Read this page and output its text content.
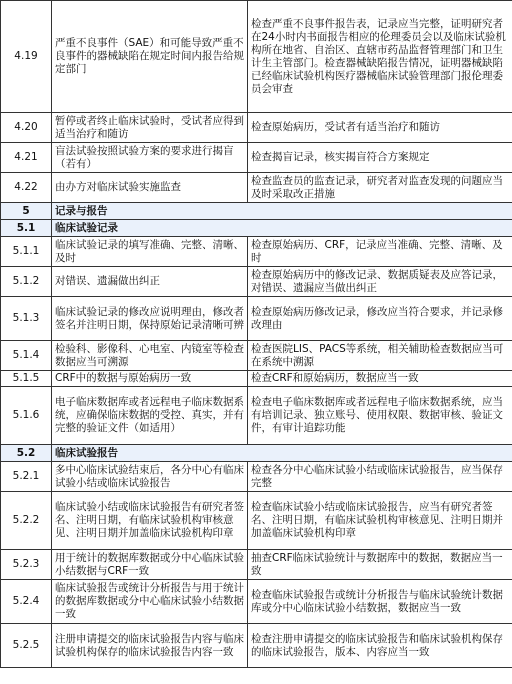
4.19	严重不良事件（SAE）和可能导致严重不良事件的器械缺陷在规定时间内报告给规定部门	检查严重不良事件报告表，记录应当完整，证明研究者在24小时内书面报告相应的伦理委员会以及临床试验机构所在地省、自治区、直辖市药品监督管理部门和卫生计生主管部门。检查器械缺陷报告情况，证明器械缺陷已经临床试验机构医疗器械临床试验管理部门报伦理委员会审查
4.20	暂停或者终止临床试验时，受试者应得到适当治疗和随访	检查原始病历，受试者有适当治疗和随访
4.21	盲法试验按照试验方案的要求进行揭盲（若有）	检查揭盲记录，核实揭盲符合方案规定
4.22	由办方对临床试验实施监查	检查监查员的监查记录，研究者对监查发现的问题应当及时采取改正措施
5	记录与报告	
5.1	临床试验记录	
5.1.1	临床试验记录的填写准确、完整、清晰、及时	检查原始病历、CRF，记录应当准确、完整、清晰、及时
5.1.2	对错误、遗漏做出纠正	检查原始病历中的修改记录、数据质疑表及应答记录，对错误、遗漏应当做出纠正
5.1.3	临床试验记录的修改应说明理由，修改者签名并注明日期，保持原始记录清晰可辨	检查原始病历修改记录，修改应当符合要求，并记录修改理由
5.1.4	检验科、影像科、心电室、内镜室等检查数据应当可溯源	检查医院LIS、PACS等系统，相关辅助检查数据应当可在系统中溯源
5.1.5	CRF中的数据与原始病历一致	检查CRF和原始病历，数据应当一致
5.1.6	电子临床数据库或者远程电子临床数据系统，应确保临床数据的受控、真实，并有完整的验证文件（如适用）	检查电子临床数据库或者远程电子临床数据系统，应当有培训记录、独立账号、使用权限、数据审核、验证文件，有审计追踪功能
5.2	临床试验报告	
5.2.1	多中心临床试验结束后，各分中心有临床试验小结或临床试验报告	检查各分中心临床试验小结或临床试验报告，应当保存完整
5.2.2	临床试验小结或临床试验报告有研究者签名、注明日期，有临床试验机构审核意见、注明日期并加盖临床试验机构印章	检查临床试验小结或临床试验报告，应当有研究者签名、注明日期，有临床试验机构审核意见、注明日期并加盖临床试验机构印章
5.2.3	用于统计的数据库数据或分中心临床试验小结数据与CRF一致	抽查CRF临床试验统计与数据库中的数据，数据应当一致
5.2.4	临床试验报告或统计分析报告与用于统计的数据库数据或分中心临床试验小结数据一致	检查临床试验报告或统计分析报告与临床试验统计数据库或分中心临床试验小结数据，数据应当一致
5.2.5	注册申请提交的临床试验报告内容与临床试验机构保存的临床试验报告内容一致	检查注册申请提交的临床试验报告和临床试验机构保存的临床试验报告，版本、内容应当一致
